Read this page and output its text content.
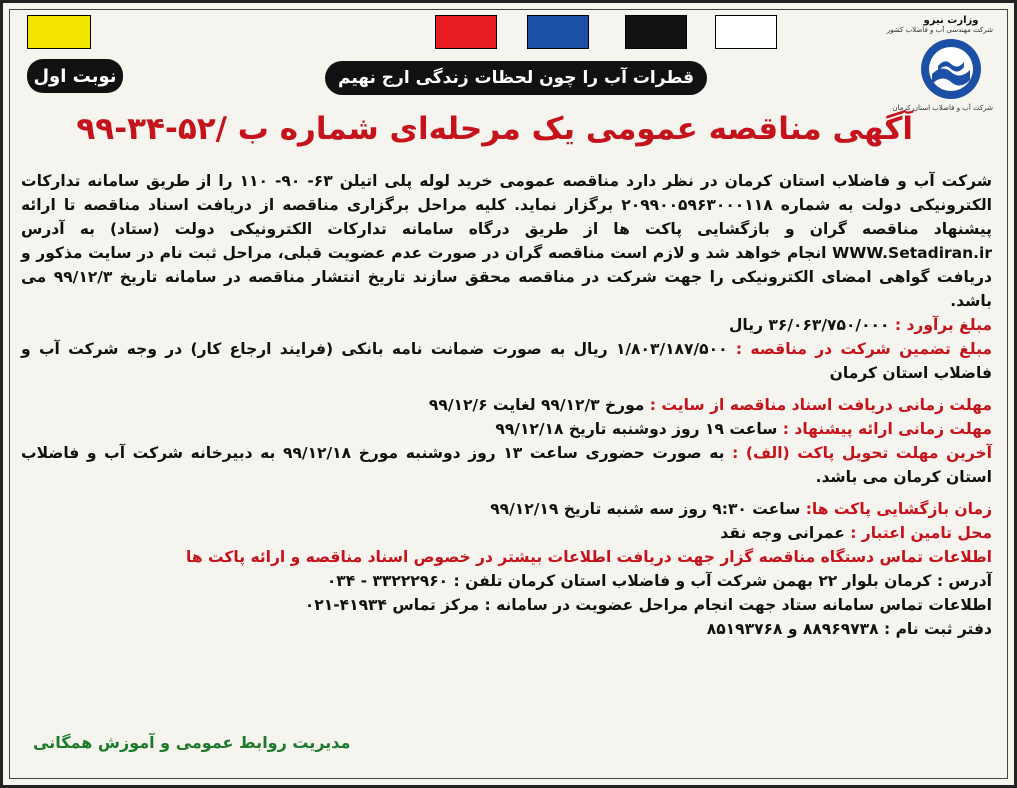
نوبت اول	قطرات آب را چون لحظات زندگی ارج نهیم
وزارت نیرو
شرکت مهندسی آب و فاضلاب کشور
شرکت آب و فاضلاب استان کرمان
آگهی مناقصه عمومی یک مرحله‌ای شماره ب /۵۲-۳۴-۹۹

شرکت آب و فاضلاب استان کرمان در نظر دارد مناقصه عمومی خرید لوله پلی اتیلن ۶۳- ۹۰- ۱۱۰ را از طریق سامانه تدارکات الکترونیکی دولت به شماره ۲۰۹۹۰۰۵۹۶۳۰۰۰۱۱۸ برگزار نماید. کلیه مراحل برگزاری مناقصه از دریافت اسناد مناقصه تا ارائه پیشنهاد مناقصه گران و بازگشایی پاکت ها از طریق درگاه سامانه تدارکات الکترونیکی دولت (ستاد) به آدرس WWW.Setadiran.ir انجام خواهد شد و لازم است مناقصه گران در صورت عدم عضویت قبلی، مراحل ثبت نام در سایت مذکور و دریافت گواهی امضای الکترونیکی را جهت شرکت در مناقصه محقق سازند تاریخ انتشار مناقصه در سامانه تاریخ ۹۹/۱۲/۳ می باشد.

مبلغ برآورد : ۳۶/۰۶۳/۷۵۰/۰۰۰ ریال

مبلغ تضمین شرکت در مناقصه : ۱/۸۰۳/۱۸۷/۵۰۰ ریال به صورت ضمانت نامه بانکی (فرایند ارجاع کار) در وجه شرکت آب و فاضلاب استان کرمان

مهلت زمانی دریافت اسناد مناقصه از سایت : مورخ ۹۹/۱۲/۳ لغایت ۹۹/۱۲/۶

مهلت زمانی ارائه پیشنهاد : ساعت ۱۹ روز دوشنبه تاریخ ۹۹/۱۲/۱۸

آخرین مهلت تحویل پاکت (الف) : به صورت حضوری ساعت ۱۳ روز دوشنبه مورخ ۹۹/۱۲/۱۸ به دبیرخانه شرکت آب و فاضلاب استان کرمان می باشد.

زمان بازگشایی پاکت ها: ساعت ۹:۳۰ روز سه شنبه تاریخ ۹۹/۱۲/۱۹

محل تامین اعتبار : عمرانی وجه نقد

اطلاعات تماس دستگاه مناقصه گزار جهت دریافت اطلاعات بیشتر در خصوص اسناد مناقصه و ارائه پاکت ها

آدرس : کرمان بلوار ۲۲ بهمن شرکت آب و فاضلاب استان کرمان تلفن : ۳۳۲۲۲۹۶۰ - ۰۳۴

اطلاعات تماس سامانه ستاد جهت انجام مراحل عضویت در سامانه : مرکز تماس ۴۱۹۳۴-۰۲۱

دفتر ثبت نام : ۸۸۹۶۹۷۳۸ و ۸۵۱۹۳۷۶۸

مدیریت روابط عمومی و آموزش همگانی
